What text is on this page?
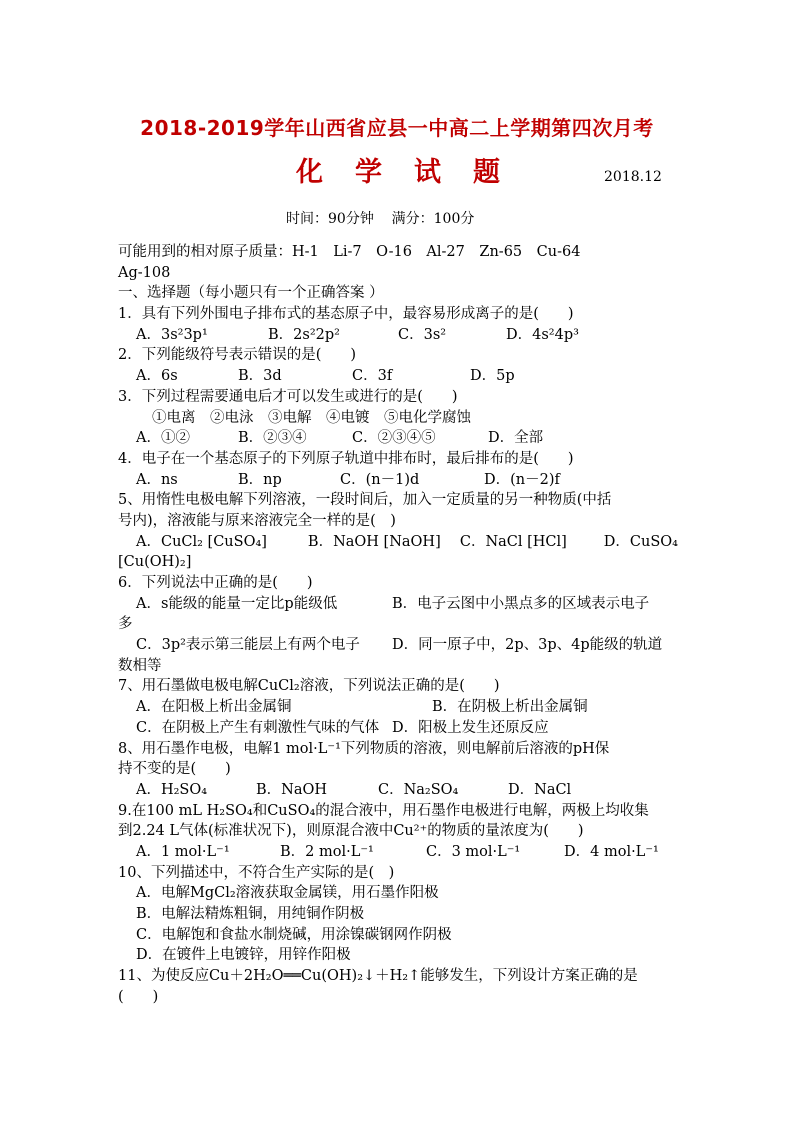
2018-2019学年山西省应县一中高二上学期第四次月考
化 学 试 题	2018.12
时间：90分钟 满分：100分
可能用到的相对原子质量：H-1　Li-7　O-16　Al-27　Zn-65　Cu-64
Ag-108
一、选择题（每小题只有一个正确答案 ）
1．具有下列外围电子排布式的基态原子中，最容易形成离子的是(　　)
A．3s²3p¹	B．2s²2p²	C．3s²	D．4s²4p³
2．下列能级符号表示错误的是(　　)
A．6s	B．3d	C．3f	D．5p
3．下列过程需要通电后才可以发生或进行的是(　　)
①电离　②电泳　③电解　④电镀　⑤电化学腐蚀
A．①②	B．②③④	C．②③④⑤	D．全部
4．电子在一个基态原子的下列原子轨道中排布时，最后排布的是(　　)
A．ns	B．np	C．(n－1)d	D．(n－2)f
5、用惰性电极电解下列溶液，一段时间后，加入一定质量的另一种物质(中括
号内)，溶液能与原来溶液完全一样的是(　)
A．CuCl₂ [CuSO₄]	B．NaOH [NaOH]	C．NaCl [HCl]	D．CuSO₄
[Cu(OH)₂]
6．下列说法中正确的是(　　)
A．s能级的能量一定比p能级低	B．电子云图中小黑点多的区域表示电子
多
C．3p²表示第三能层上有两个电子	D．同一原子中，2p、3p、4p能级的轨道
数相等
7、用石墨做电极电解CuCl₂溶液，下列说法正确的是(　　)
A．在阳极上析出金属铜	B．在阴极上析出金属铜
C．在阴极上产生有刺激性气味的气体 D．阳极上发生还原反应
8、用石墨作电极，电解1 mol·L⁻¹下列物质的溶液，则电解前后溶液的pH保
持不变的是(　　)
A．H₂SO₄	B．NaOH	C．Na₂SO₄	D．NaCl
9.在100 mL H₂SO₄和CuSO₄的混合液中，用石墨作电极进行电解，两极上均收集
到2.24 L气体(标准状况下)，则原混合液中Cu²⁺的物质的量浓度为(　　)
A．1 mol·L⁻¹	B．2 mol·L⁻¹	C．3 mol·L⁻¹	D．4 mol·L⁻¹
10、下列描述中，不符合生产实际的是(　)
A．电解MgCl₂溶液获取金属镁，用石墨作阳极
B．电解法精炼粗铜，用纯铜作阴极
C．电解饱和食盐水制烧碱，用涂镍碳钢网作阴极
D．在镀件上电镀锌，用锌作阳极
11、为使反应Cu＋2H₂O══Cu(OH)₂↓＋H₂↑能够发生，下列设计方案正确的是
(　　)
